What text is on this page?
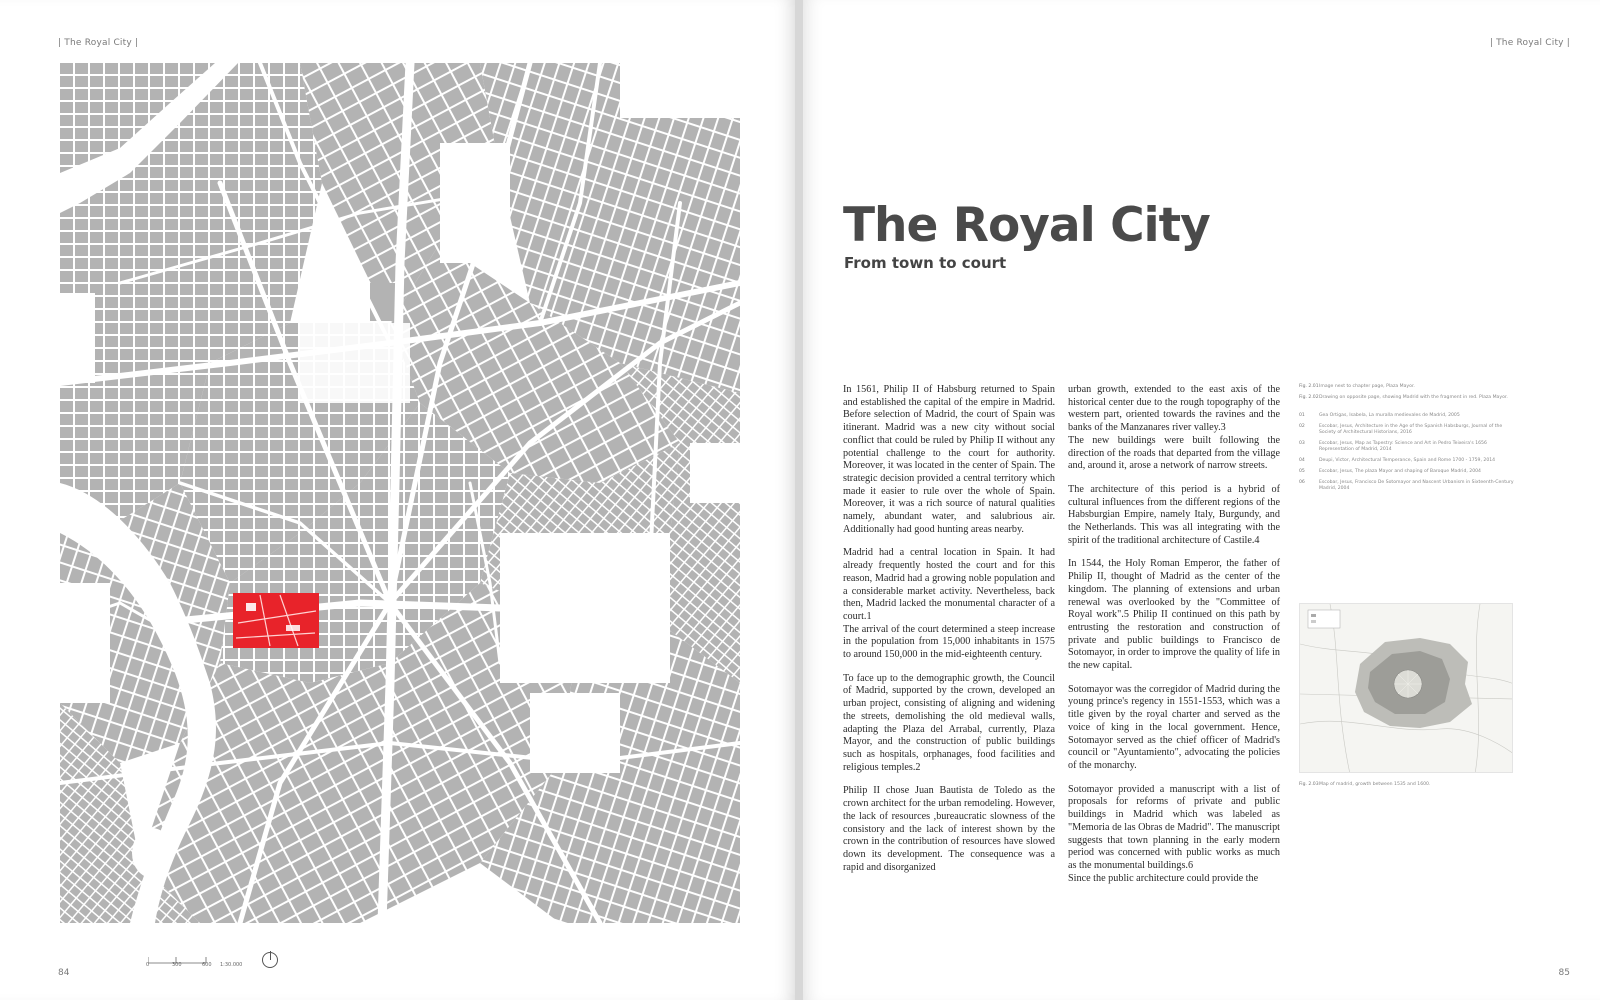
| The Royal City |
0	300	600 1:30.000
84
| The Royal City |
The Royal City
From town to court

In 1561, Philip II of Habsburg returned to Spain and established the capital of the empire in Madrid. Before selection of Madrid, the court of Spain was itinerant. Madrid was a new city without social conflict that could be ruled by Philip II without any potential challenge to the court for authority. Moreover, it was located in the center of Spain. The strategic decision provided a central territory which made it easier to rule over the whole of Spain. Moreover, it was a rich source of natural qualities namely, abundant water, and salubrious air. Additionally had good hunting areas nearby.

Madrid had a central location in Spain. It had already frequently hosted the court and for this reason, Madrid had a growing noble population and a considerable market activity. Nevertheless, back then, Madrid lacked the monumental character of a court.1

The arrival of the court determined a steep increase in the population from 15,000 inhabitants in 1575 to around 150,000 in the mid-eighteenth century.

To face up to the demographic growth, the Council of Madrid, supported by the crown, developed an urban project, consisting of aligning and widening the streets, demolishing the old medieval walls, adapting the Plaza del Arrabal, currently, Plaza Mayor, and the construction of public buildings such as hospitals, orphanages, food facilities and religious temples.2

Philip II chose Juan Bautista de Toledo as the crown architect for the urban remodeling. However, the lack of resources ,bureaucratic slowness of the consistory and the lack of interest shown by the crown in the contribution of resources have slowed down its development. The consequence was a rapid and disorganized

urban growth, extended to the east axis of the historical center due to the rough topography of the western part, oriented towards the ravines and the banks of the Manzanares river valley.3

The new buildings were built following the direction of the roads that departed from the village and, around it, arose a network of narrow streets.

The architecture of this period is a hybrid of cultural influences from the different regions of the Habsburgian Empire, namely Italy, Burgundy, and the Netherlands. This was all integrating with the spirit of the traditional architecture of Castile.4

In 1544, the Holy Roman Emperor, the father of Philip II, thought of Madrid as the center of the kingdom. The planning of extensions and urban renewal was overlooked by the "Committee of Royal work".5 Philip II continued on this path by entrusting the restoration and construction of private and public buildings to Francisco de Sotomayor, in order to improve the quality of life in the new capital.

Sotomayor was the corregidor of Madrid during the young prince's regency in 1551-1553, which was a title given by the royal charter and served as the voice of king in the local government. Hence, Sotomayor served as the chief officer of Madrid's council or "Ayuntamiento", advocating the policies of the monarchy.

Sotomayor provided a manuscript with a list of proposals for reforms of private and public buildings in Madrid which was labeled as "Memoria de las Obras de Madrid". The manuscript suggests that town planning in the early modern period was concerned with public works as much as the monumental buildings.6

Since the public architecture could provide the

Fig. 2.01 Image next to chapter page, Plaza Mayor.
Fig. 2.02 Drawing on opposite page, showing Madrid with the fragment in red. Plaza Mayor.
01	Gea Ortigas, Isabela, La muralla medievales de Madrid, 2005
02	Escobar, Jesus, Architecture in the Age of the Spanish Habsburgs, Journal of the Society of Architectural Historians, 2016
03	Escobar, Jesus, Map as Tapestry: Science and Art in Pedro Teixeira's 1656 Representation of Madrid, 2014
04	Deupi, Victor, Architectural Temperance, Spain and Rome 1700 - 1759, 2014
05	Escobar, Jesus, The plaza Mayor and shaping of Baroque Madrid, 2004
06	Escobar, Jesus, Francisco De Sotomayor and Nascent Urbanism in Sixteenth-Century Madrid, 2004
Fig. 2.03 Map of madrid, growth between 1535 and 1600.
85
